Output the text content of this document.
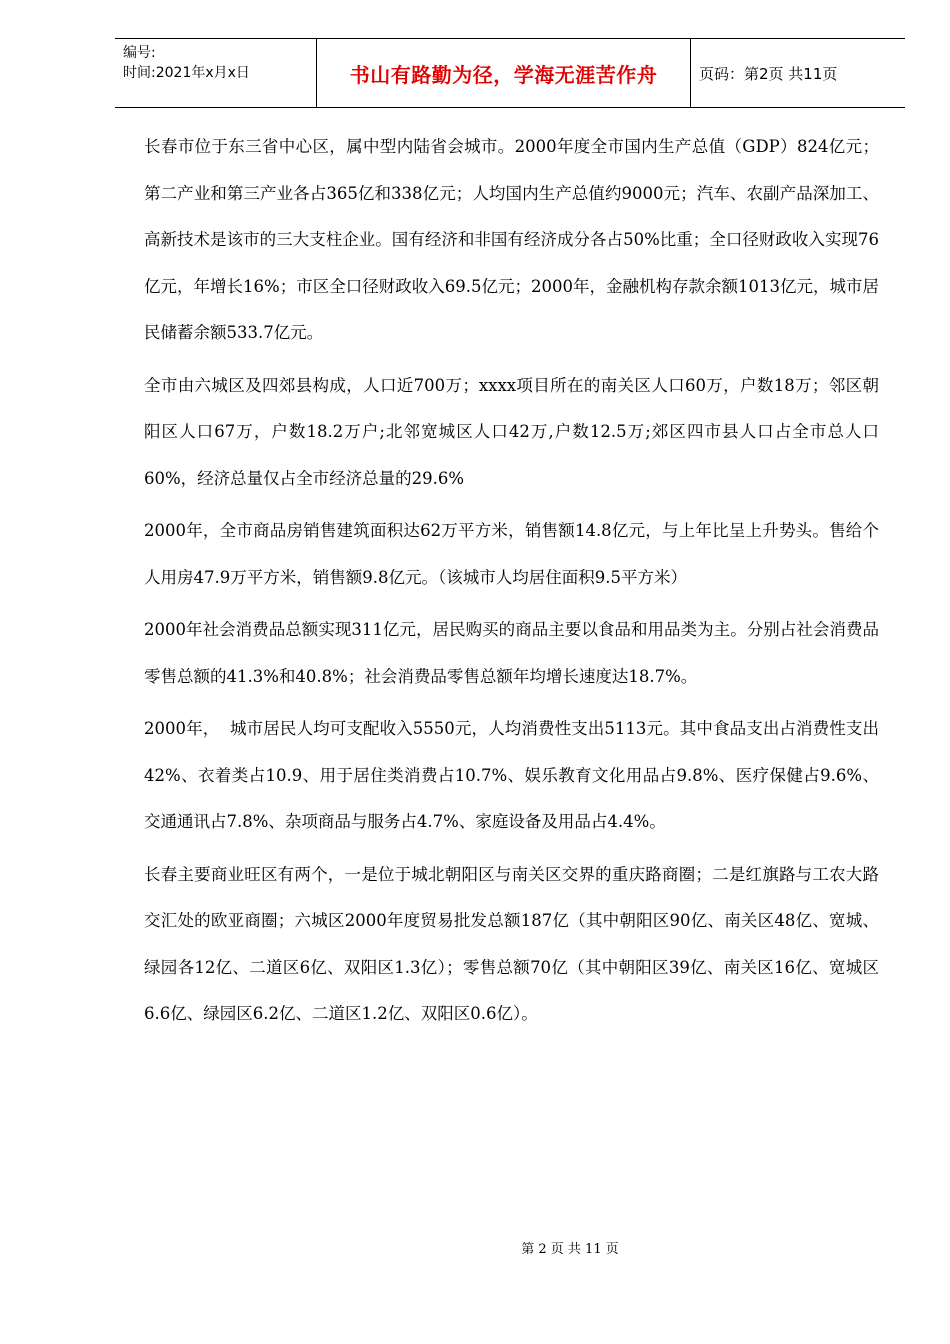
编号:
时间:2021年x月x日	书山有路勤为径，学海无涯苦作舟	页码：第2页 共11页

长春市位于东三省中心区，属中型内陆省会城市。2000年度全市国内生产总值（GDP）824亿元；第二产业和第三产业各占365亿和338亿元；人均国内生产总值约9000元；汽车、农副产品深加工、高新技术是该市的三大支柱企业。国有经济和非国有经济成分各占50%比重；全口径财政收入实现76亿元，年增长16%；市区全口径财政收入69.5亿元；2000年，金融机构存款余额1013亿元，城市居民储蓄余额533.7亿元。

全市由六城区及四郊县构成，人口近700万；xxxx项目所在的南关区人口60万，户数18万；邻区朝阳区人口67万，户数18.2万户;北邻宽城区人口42万,户数12.5万;郊区四市县人口占全市总人口60%，经济总量仅占全市经济总量的29.6%

2000年，全市商品房销售建筑面积达62万平方米，销售额14.8亿元，与上年比呈上升势头。售给个人用房47.9万平方米，销售额9.8亿元。（该城市人均居住面积9.5平方米）

2000年社会消费品总额实现311亿元，居民购买的商品主要以食品和用品类为主。分别占社会消费品零售总额的41.3%和40.8%；社会消费品零售总额年均增长速度达18.7%。

2000年，  城市居民人均可支配收入5550元，人均消费性支出5113元。其中食品支出占消费性支出42%、衣着类占10.9、用于居住类消费占10.7%、娱乐教育文化用品占9.8%、医疗保健占9.6%、交通通讯占7.8%、杂项商品与服务占4.7%、家庭设备及用品占4.4%。

长春主要商业旺区有两个，一是位于城北朝阳区与南关区交界的重庆路商圈；二是红旗路与工农大路交汇处的欧亚商圈；六城区2000年度贸易批发总额187亿（其中朝阳区90亿、南关区48亿、宽城、绿园各12亿、二道区6亿、双阳区1.3亿）；零售总额70亿（其中朝阳区39亿、南关区16亿、宽城区6.6亿、绿园区6.2亿、二道区1.2亿、双阳区0.6亿）。

第 2 页 共 11 页
